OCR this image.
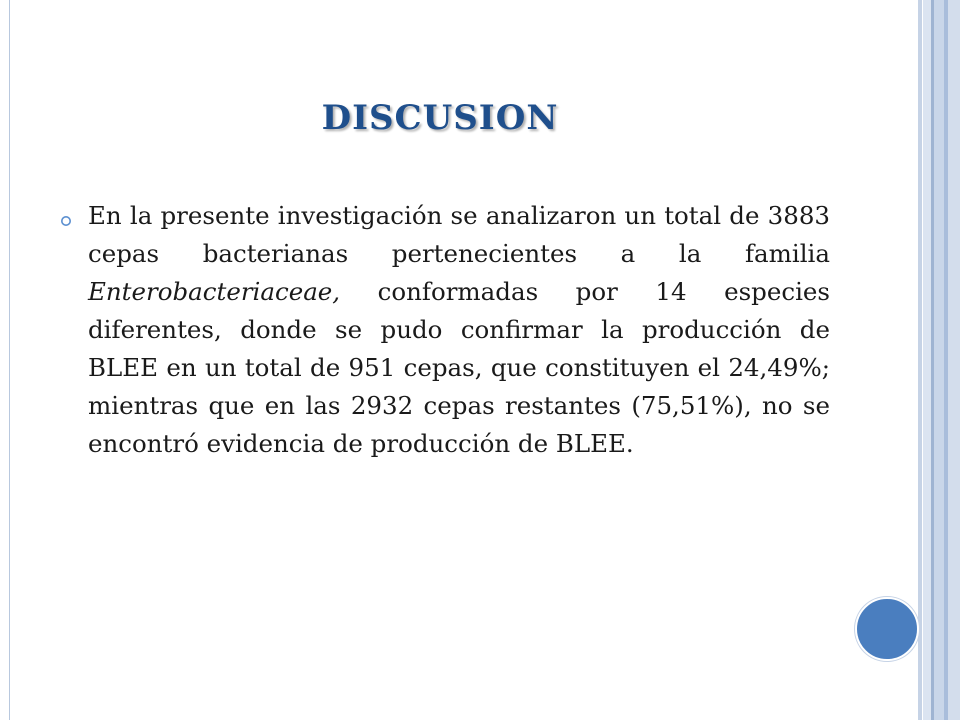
DISCUSION

En la presente investigación se analizaron un total de 3883 cepas bacterianas pertenecientes a la familia Enterobacteriaceae, conformadas por 14 especies diferentes, donde se pudo confirmar la producción de BLEE en un total de 951 cepas, que constituyen el 24,49%; mientras que en las 2932 cepas restantes (75,51%), no se encontró evidencia de producción de BLEE.
